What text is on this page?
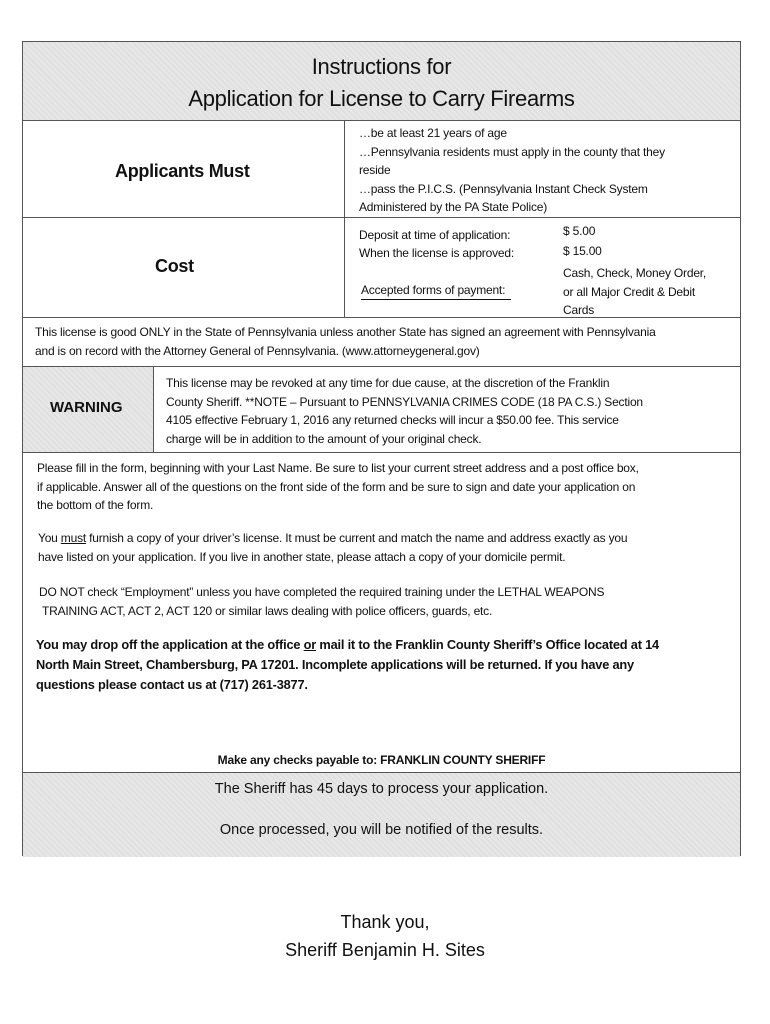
Instructions for
Application for License to Carry Firearms
Applicants Must
…be at least 21 years of age
…Pennsylvania residents must apply in the county that they
reside
…pass the P.I.C.S. (Pennsylvania Instant Check System
Administered by the PA State Police)
Cost
Deposit at time of application:
When the license is approved:
Accepted forms of payment:
$ 5.00
$ 15.00
Cash, Check, Money Order,
or all Major Credit & Debit
Cards
This license is good ONLY in the State of Pennsylvania unless another State has signed an agreement with Pennsylvania
and is on record with the Attorney General of Pennsylvania. (www.attorneygeneral.gov)
WARNING
This license may be revoked at any time for due cause, at the discretion of the Franklin
County Sheriff. **NOTE – Pursuant to PENNSYLVANIA CRIMES CODE (18 PA C.S.) Section
4105 effective February 1, 2016 any returned checks will incur a $50.00 fee. This service
charge will be in addition to the amount of your original check.
Please fill in the form, beginning with your Last Name. Be sure to list your current street address and a post office box,
if applicable. Answer all of the questions on the front side of the form and be sure to sign and date your application on
the bottom of the form.
You must furnish a copy of your driver’s license. It must be current and match the name and address exactly as you
have listed on your application. If you live in another state, please attach a copy of your domicile permit.
DO NOT check “Employment” unless you have completed the required training under the LETHAL WEAPONS
TRAINING ACT, ACT 2, ACT 120 or similar laws dealing with police officers, guards, etc.
You may drop off the application at the office or mail it to the Franklin County Sheriff’s Office located at 14
North Main Street, Chambersburg, PA 17201. Incomplete applications will be returned. If you have any
questions please contact us at (717) 261-3877.
Make any checks payable to: FRANKLIN COUNTY SHERIFF
The Sheriff has 45 days to process your application.
Once processed, you will be notified of the results.
Thank you,
Sheriff Benjamin H. Sites
